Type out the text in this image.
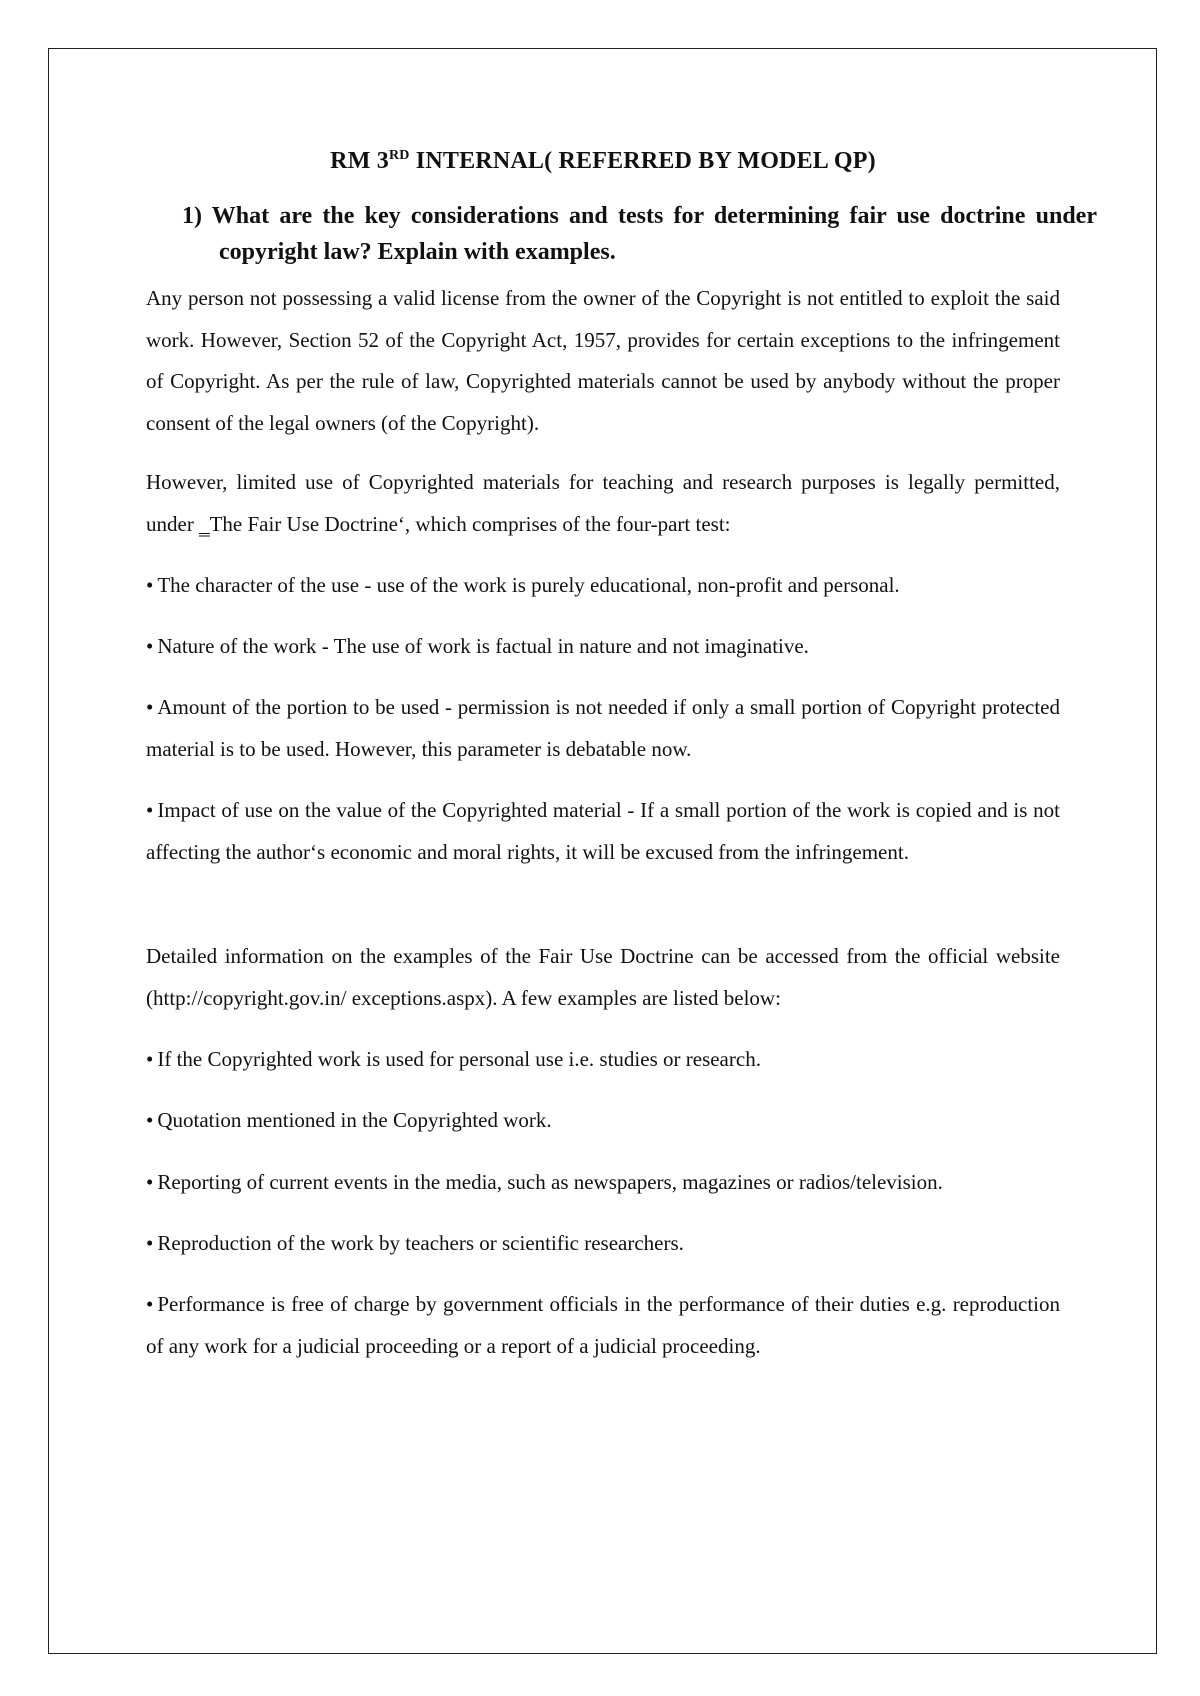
RM 3RD INTERNAL( REFERRED BY MODEL QP)

1) What are the key considerations and tests for determining fair use doctrine under copyright law? Explain with examples.

Any person not possessing a valid license from the owner of the Copyright is not entitled to exploit the said work. However, Section 52 of the Copyright Act, 1957, provides for certain exceptions to the infringement of Copyright. As per the rule of law, Copyrighted materials cannot be used by anybody without the proper consent of the legal owners (of the Copyright).

However, limited use of Copyrighted materials for teaching and research purposes is legally permitted, under ‗The Fair Use Doctrine‘, which comprises of the four-part test:

• The character of the use - use of the work is purely educational, non-profit and personal.

• Nature of the work - The use of work is factual in nature and not imaginative.

• Amount of the portion to be used - permission is not needed if only a small portion of Copyright protected material is to be used. However, this parameter is debatable now.

• Impact of use on the value of the Copyrighted material - If a small portion of the work is copied and is not affecting the author‘s economic and moral rights, it will be excused from the infringement.

Detailed information on the examples of the Fair Use Doctrine can be accessed from the official website (http://copyright.gov.in/ exceptions.aspx). A few examples are listed below:

• If the Copyrighted work is used for personal use i.e. studies or research.

• Quotation mentioned in the Copyrighted work.

• Reporting of current events in the media, such as newspapers, magazines or radios/television.

• Reproduction of the work by teachers or scientific researchers.

• Performance is free of charge by government officials in the performance of their duties e.g. reproduction of any work for a judicial proceeding or a report of a judicial proceeding.
